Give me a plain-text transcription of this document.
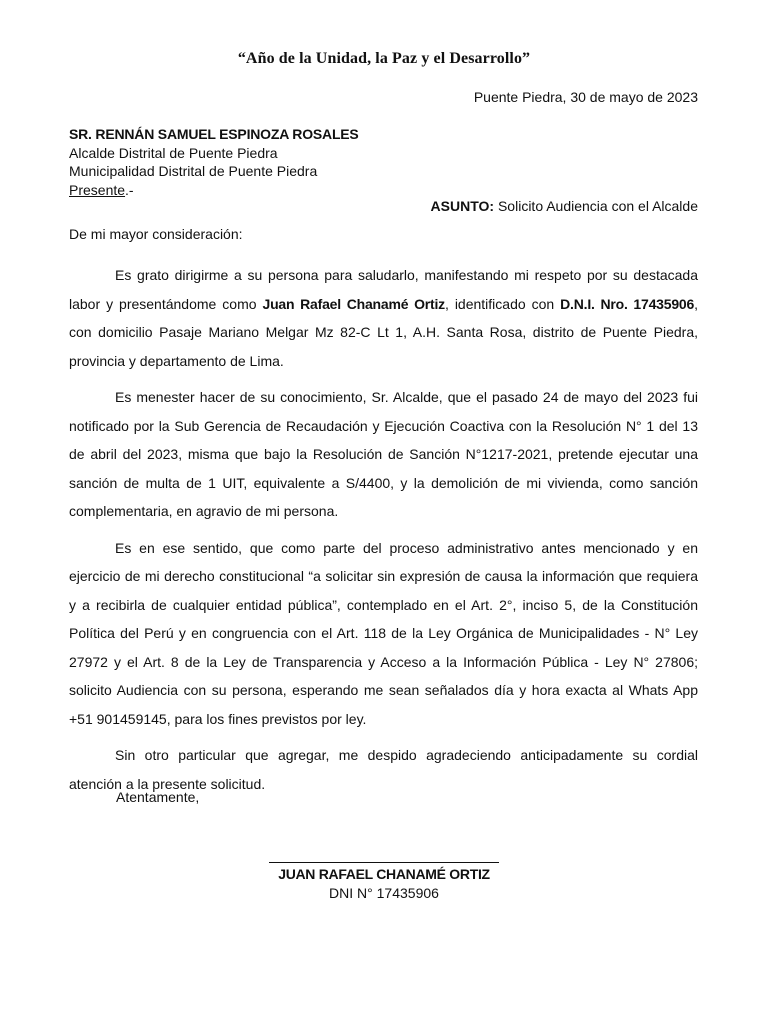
“Año de la Unidad, la Paz y el Desarrollo”
Puente Piedra, 30 de mayo de 2023
SR. RENNÁN SAMUEL ESPINOZA ROSALES
Alcalde Distrital de Puente Piedra
Municipalidad Distrital de Puente Piedra
Presente.-
ASUNTO: Solicito Audiencia con el Alcalde
De mi mayor consideración:

Es grato dirigirme a su persona para saludarlo, manifestando mi respeto por su destacada labor y presentándome como Juan Rafael Chanamé Ortiz, identificado con D.N.I. Nro. 17435906, con domicilio Pasaje Mariano Melgar Mz 82-C Lt 1, A.H. Santa Rosa, distrito de Puente Piedra, provincia y departamento de Lima.

Es menester hacer de su conocimiento, Sr. Alcalde, que el pasado 24 de mayo del 2023 fui notificado por la Sub Gerencia de Recaudación y Ejecución Coactiva con la Resolución N° 1 del 13 de abril del 2023, misma que bajo la Resolución de Sanción N°1217-2021, pretende ejecutar una sanción de multa de 1 UIT, equivalente a S/4400, y la demolición de mi vivienda, como sanción complementaria, en agravio de mi persona.

Es en ese sentido, que como parte del proceso administrativo antes mencionado y en ejercicio de mi derecho constitucional “a solicitar sin expresión de causa la información que requiera y a recibirla de cualquier entidad pública”, contemplado en el Art. 2°, inciso 5, de la Constitución Política del Perú y en congruencia con el Art. 118 de la Ley Orgánica de Municipalidades - N° Ley 27972 y el Art. 8 de la Ley de Transparencia y Acceso a la Información Pública - Ley N° 27806; solicito Audiencia con su persona, esperando me sean señalados día y hora exacta al Whats App +51 901459145, para los fines previstos por ley.

Sin otro particular que agregar, me despido agradeciendo anticipadamente su cordial atención a la presente solicitud.

Atentamente,
JUAN RAFAEL CHANAMÉ ORTIZ
DNI N° 17435906
